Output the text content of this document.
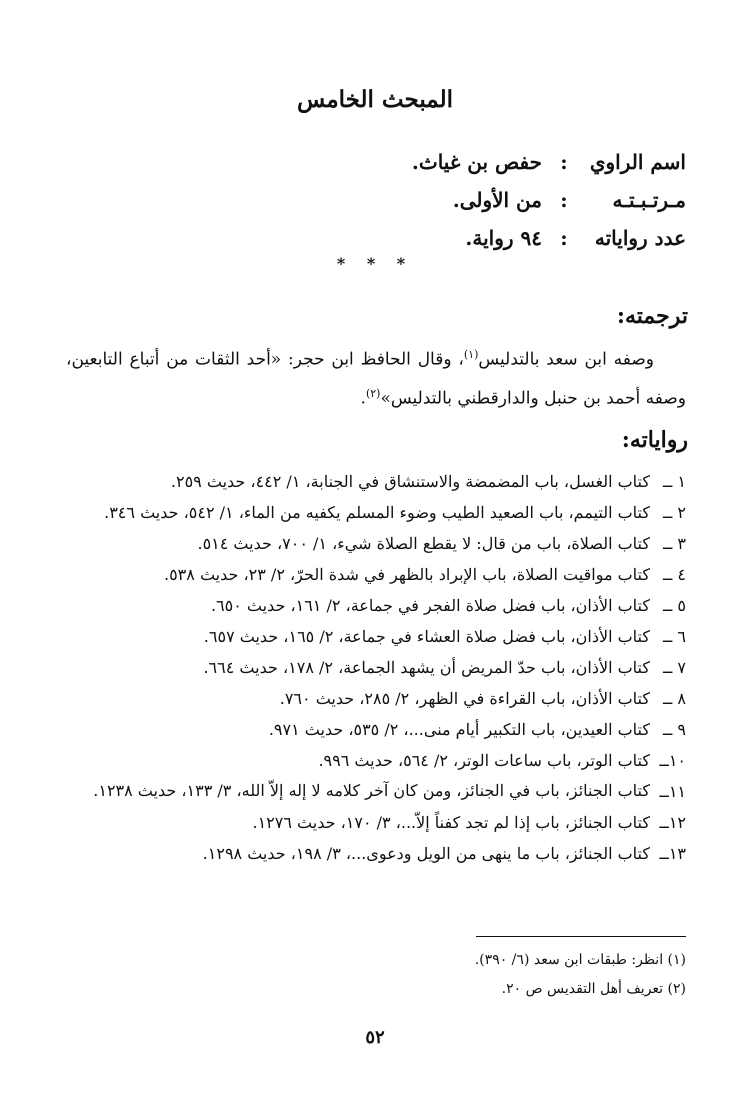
المبحث الخامس
اسم الراوي
:
حفص بن غياث.
مـرتـبـتـه
:
من الأولى.
عدد رواياته
:
٩٤ رواية.
* * *
ترجمته:

وصفه ابن سعد بالتدليس$^{(١)}$، وقال الحافظ ابن حجر: «أحد الثقات من أتباع التابعين، وصفه أحمد بن حنبل والدارقطني بالتدليس»$^{(٢)}$.

رواياته:
١ ــ
كتاب الغسل، باب المضمضة والاستنشاق في الجنابة، ١/ ٤٤٢، حديث ٢٥٩.
٢ ــ
كتاب التيمم، باب الصعيد الطيب وضوء المسلم يكفيه من الماء، ١/ ٥٤٢، حديث ٣٤٦.
٣ ــ
كتاب الصلاة، باب من قال: لا يقطع الصلاة شيء، ١/ ٧٠٠، حديث ٥١٤.
٤ ــ
كتاب مواقيت الصلاة، باب الإبراد بالظهر في شدة الحرّ، ٢/ ٢٣، حديث ٥٣٨.
٥ ــ
كتاب الأذان، باب فضل صلاة الفجر في جماعة، ٢/ ١٦١، حديث ٦٥٠.
٦ ــ
كتاب الأذان، باب فضل صلاة العشاء في جماعة، ٢/ ١٦٥، حديث ٦٥٧.
٧ ــ
كتاب الأذان، باب حدّ المريض أن يشهد الجماعة، ٢/ ١٧٨، حديث ٦٦٤.
٨ ــ
كتاب الأذان، باب القراءة في الظهر، ٢/ ٢٨٥، حديث ٧٦٠.
٩ ــ
كتاب العيدين، باب التكبير أيام منى...، ٢/ ٥٣٥، حديث ٩٧١.
١٠ــ
كتاب الوتر، باب ساعات الوتر، ٢/ ٥٦٤، حديث ٩٩٦.
١١ــ
كتاب الجنائز، باب في الجنائز، ومن كان آخر كلامه لا إله إلاّ الله، ٣/ ١٣٣، حديث ١٢٣٨.
١٢ــ
كتاب الجنائز، باب إذا لم تجد كفناً إلاّ...، ٣/ ١٧٠، حديث ١٢٧٦.
١٣ــ
كتاب الجنائز، باب ما ينهى من الويل ودعوى...، ٣/ ١٩٨، حديث ١٢٩٨.
(١) انظر: طبقات ابن سعد (٦/ ٣٩٠).
(٢) تعريف أهل التقديس ص ٢٠.
٥٢
